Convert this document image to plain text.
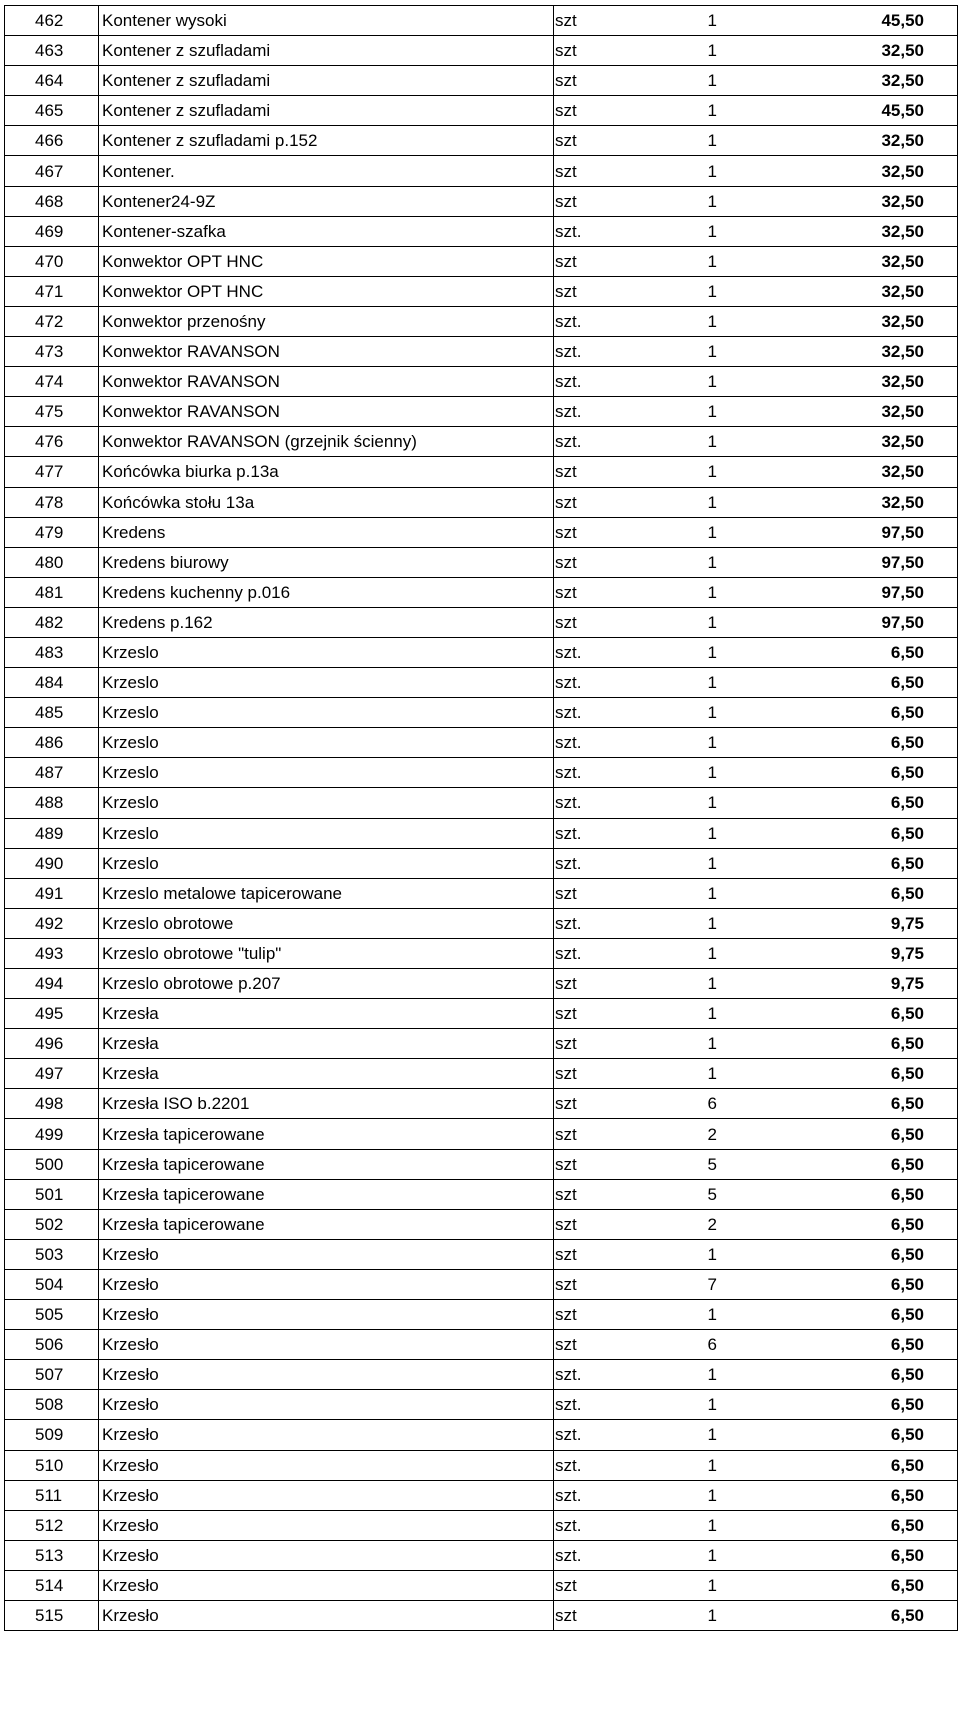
462	Kontener wysoki	szt	1	45,50
463	Kontener z szufladami	szt	1	32,50
464	Kontener z szufladami	szt	1	32,50
465	Kontener z szufladami	szt	1	45,50
466	Kontener z szufladami p.152	szt	1	32,50
467	Kontener.	szt	1	32,50
468	Kontener24-9Z	szt	1	32,50
469	Kontener-szafka	szt.	1	32,50
470	Konwektor OPT HNC	szt	1	32,50
471	Konwektor OPT HNC	szt	1	32,50
472	Konwektor przenośny	szt.	1	32,50
473	Konwektor RAVANSON	szt.	1	32,50
474	Konwektor RAVANSON	szt.	1	32,50
475	Konwektor RAVANSON	szt.	1	32,50
476	Konwektor RAVANSON (grzejnik ścienny)	szt.	1	32,50
477	Końcówka biurka p.13a	szt	1	32,50
478	Końcówka stołu 13a	szt	1	32,50
479	Kredens	szt	1	97,50
480	Kredens biurowy	szt	1	97,50
481	Kredens kuchenny p.016	szt	1	97,50
482	Kredens p.162	szt	1	97,50
483	Krzeslo	szt.	1	6,50
484	Krzeslo	szt.	1	6,50
485	Krzeslo	szt.	1	6,50
486	Krzeslo	szt.	1	6,50
487	Krzeslo	szt.	1	6,50
488	Krzeslo	szt.	1	6,50
489	Krzeslo	szt.	1	6,50
490	Krzeslo	szt.	1	6,50
491	Krzeslo metalowe tapicerowane	szt	1	6,50
492	Krzeslo obrotowe	szt.	1	9,75
493	Krzeslo obrotowe "tulip"	szt.	1	9,75
494	Krzeslo obrotowe p.207	szt	1	9,75
495	Krzesła	szt	1	6,50
496	Krzesła	szt	1	6,50
497	Krzesła	szt	1	6,50
498	Krzesła ISO b.2201	szt	6	6,50
499	Krzesła tapicerowane	szt	2	6,50
500	Krzesła tapicerowane	szt	5	6,50
501	Krzesła tapicerowane	szt	5	6,50
502	Krzesła tapicerowane	szt	2	6,50
503	Krzesło	szt	1	6,50
504	Krzesło	szt	7	6,50
505	Krzesło	szt	1	6,50
506	Krzesło	szt	6	6,50
507	Krzesło	szt.	1	6,50
508	Krzesło	szt.	1	6,50
509	Krzesło	szt.	1	6,50
510	Krzesło	szt.	1	6,50
511	Krzesło	szt.	1	6,50
512	Krzesło	szt.	1	6,50
513	Krzesło	szt.	1	6,50
514	Krzesło	szt	1	6,50
515	Krzesło	szt	1	6,50
